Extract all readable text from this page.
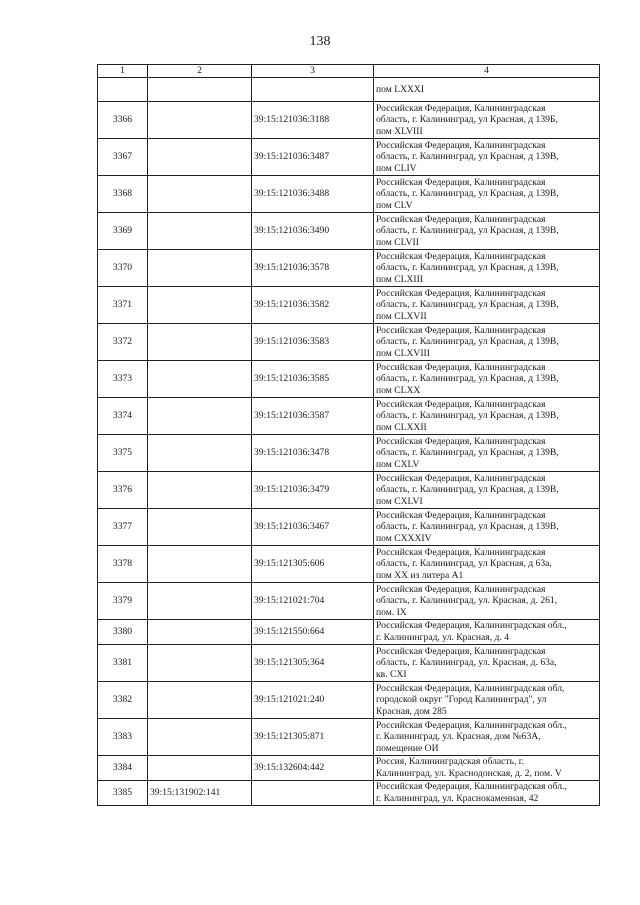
138
1	2	3	4
			пом LXXXI
3366		39:15:121036:3188	Российская Федерация, Калининградская
область, г. Калининград, ул Красная, д 139Б,
пом XLVIII
3367		39:15:121036:3487	Российская Федерация, Калининградская
область, г. Калининград, ул Красная, д 139В,
пом CLIV
3368		39:15:121036:3488	Российская Федерация, Калининградская
область, г. Калининград, ул Красная, д 139В,
пом CLV
3369		39:15:121036:3490	Российская Федерация, Калининградская
область, г. Калининград, ул Красная, д 139В,
пом CLVII
3370		39:15:121036:3578	Российская Федерация, Калининградская
область, г. Калининград, ул Красная, д 139В,
пом CLXIII
3371		39:15:121036:3582	Российская Федерация, Калининградская
область, г. Калининград, ул Красная, д 139В,
пом CLXVII
3372		39:15:121036:3583	Российская Федерация, Калининградская
область, г. Калининград, ул Красная, д 139В,
пом CLXVIII
3373		39:15:121036:3585	Российская Федерация, Калининградская
область, г. Калининград, ул Красная, д 139В,
пом CLXX
3374		39:15:121036:3587	Российская Федерация, Калининградская
область, г. Калининград, ул Красная, д 139В,
пом CLXXII
3375		39:15:121036:3478	Российская Федерация, Калининградская
область, г. Калининград, ул Красная, д 139В,
пом CXLV
3376		39:15:121036:3479	Российская Федерация, Калининградская
область, г. Калининград, ул Красная, д 139В,
пом CXLVI
3377		39:15:121036:3467	Российская Федерация, Калининградская
область, г. Калининград, ул Красная, д 139В,
пом CXXXIV
3378		39:15:121305:606	Российская Федерация, Калининградская
область, г. Калининград, ул Красная, д 63а,
пом XX из литера А1
3379		39:15:121021:704	Российская Федерация, Калининградская
область, г. Калининград, ул. Красная, д. 261,
пом. IX
3380		39:15:121550:664	Российская Федерация, Калининградская обл.,
г. Калининград, ул. Красная, д. 4
3381		39:15:121305:364	Российская Федерация, Калининградская
область, г. Калининград, ул. Красная, д. 63а,
кв. CXI
3382		39:15:121021:240	Российская Федерация, Калининградская обл,
городской округ "Город Калининград", ул
Красная, дом 285
3383		39:15:121305:871	Российская Федерация, Калининградская обл.,
г. Калининград, ул. Красная, дом №63А,
помещение ОИ
3384		39:15:132604:442	Россия, Калининградская область, г.
Калининград, ул. Краснодонская, д. 2, пом. V
3385	39:15:131902:141		Российская Федерация, Калининградская обл.,
г. Калининград, ул. Краснокаменная, 42
